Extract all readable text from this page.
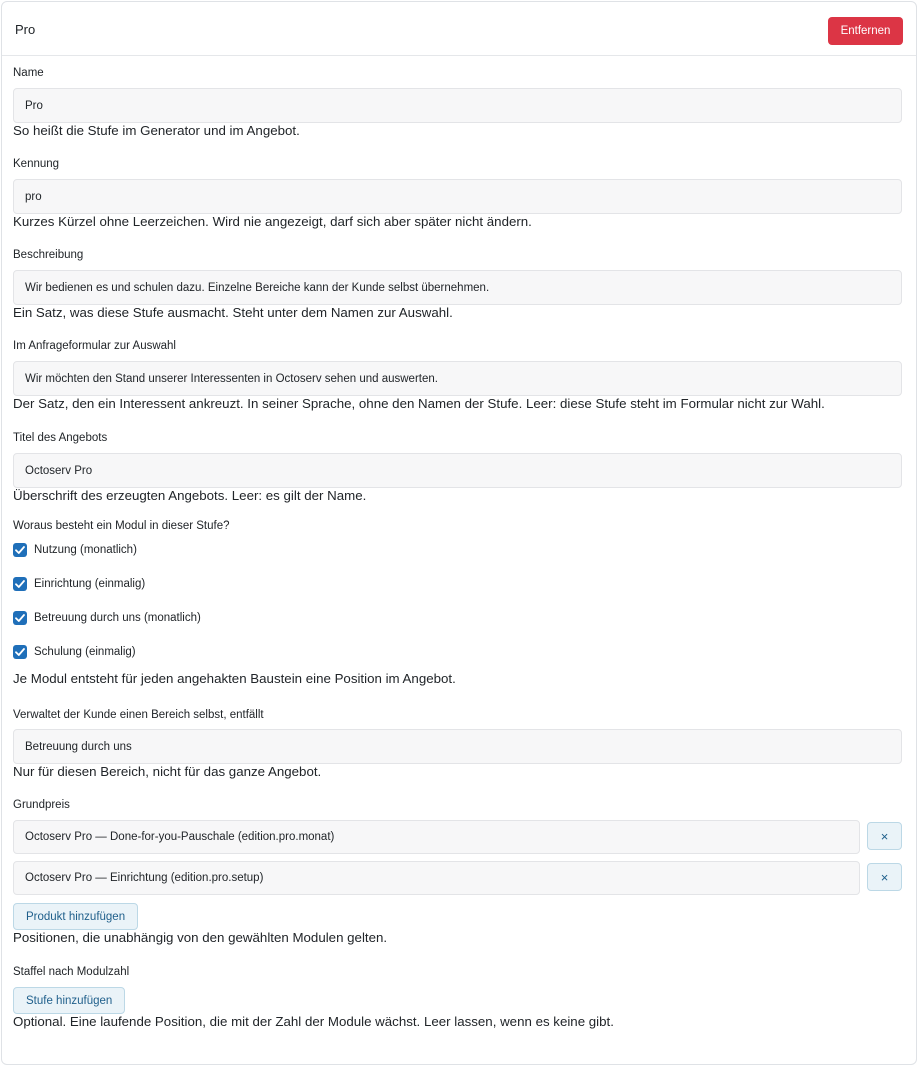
Pro	Entfernen
Name
Pro
So heißt die Stufe im Generator und im Angebot.
Kennung
pro
Kurzes Kürzel ohne Leerzeichen. Wird nie angezeigt, darf sich aber später nicht ändern.
Beschreibung
Wir bedienen es und schulen dazu. Einzelne Bereiche kann der Kunde selbst übernehmen.
Ein Satz, was diese Stufe ausmacht. Steht unter dem Namen zur Auswahl.
Im Anfrageformular zur Auswahl
Wir möchten den Stand unserer Interessenten in Octoserv sehen und auswerten.
Der Satz, den ein Interessent ankreuzt. In seiner Sprache, ohne den Namen der Stufe. Leer: diese Stufe steht im Formular nicht zur Wahl.
Titel des Angebots
Octoserv Pro
Überschrift des erzeugten Angebots. Leer: es gilt der Name.
Woraus besteht ein Modul in dieser Stufe?
Nutzung (monatlich)
Einrichtung (einmalig)
Betreuung durch uns (monatlich)
Schulung (einmalig)
Je Modul entsteht für jeden angehakten Baustein eine Position im Angebot.
Verwaltet der Kunde einen Bereich selbst, entfällt
Betreuung durch uns
Nur für diesen Bereich, nicht für das ganze Angebot.
Grundpreis
Octoserv Pro — Done-for-you-Pauschale (edition.pro.monat)	×
Octoserv Pro — Einrichtung (edition.pro.setup)	×
Produkt hinzufügen
Positionen, die unabhängig von den gewählten Modulen gelten.
Staffel nach Modulzahl
Stufe hinzufügen
Optional. Eine laufende Position, die mit der Zahl der Module wächst. Leer lassen, wenn es keine gibt.
